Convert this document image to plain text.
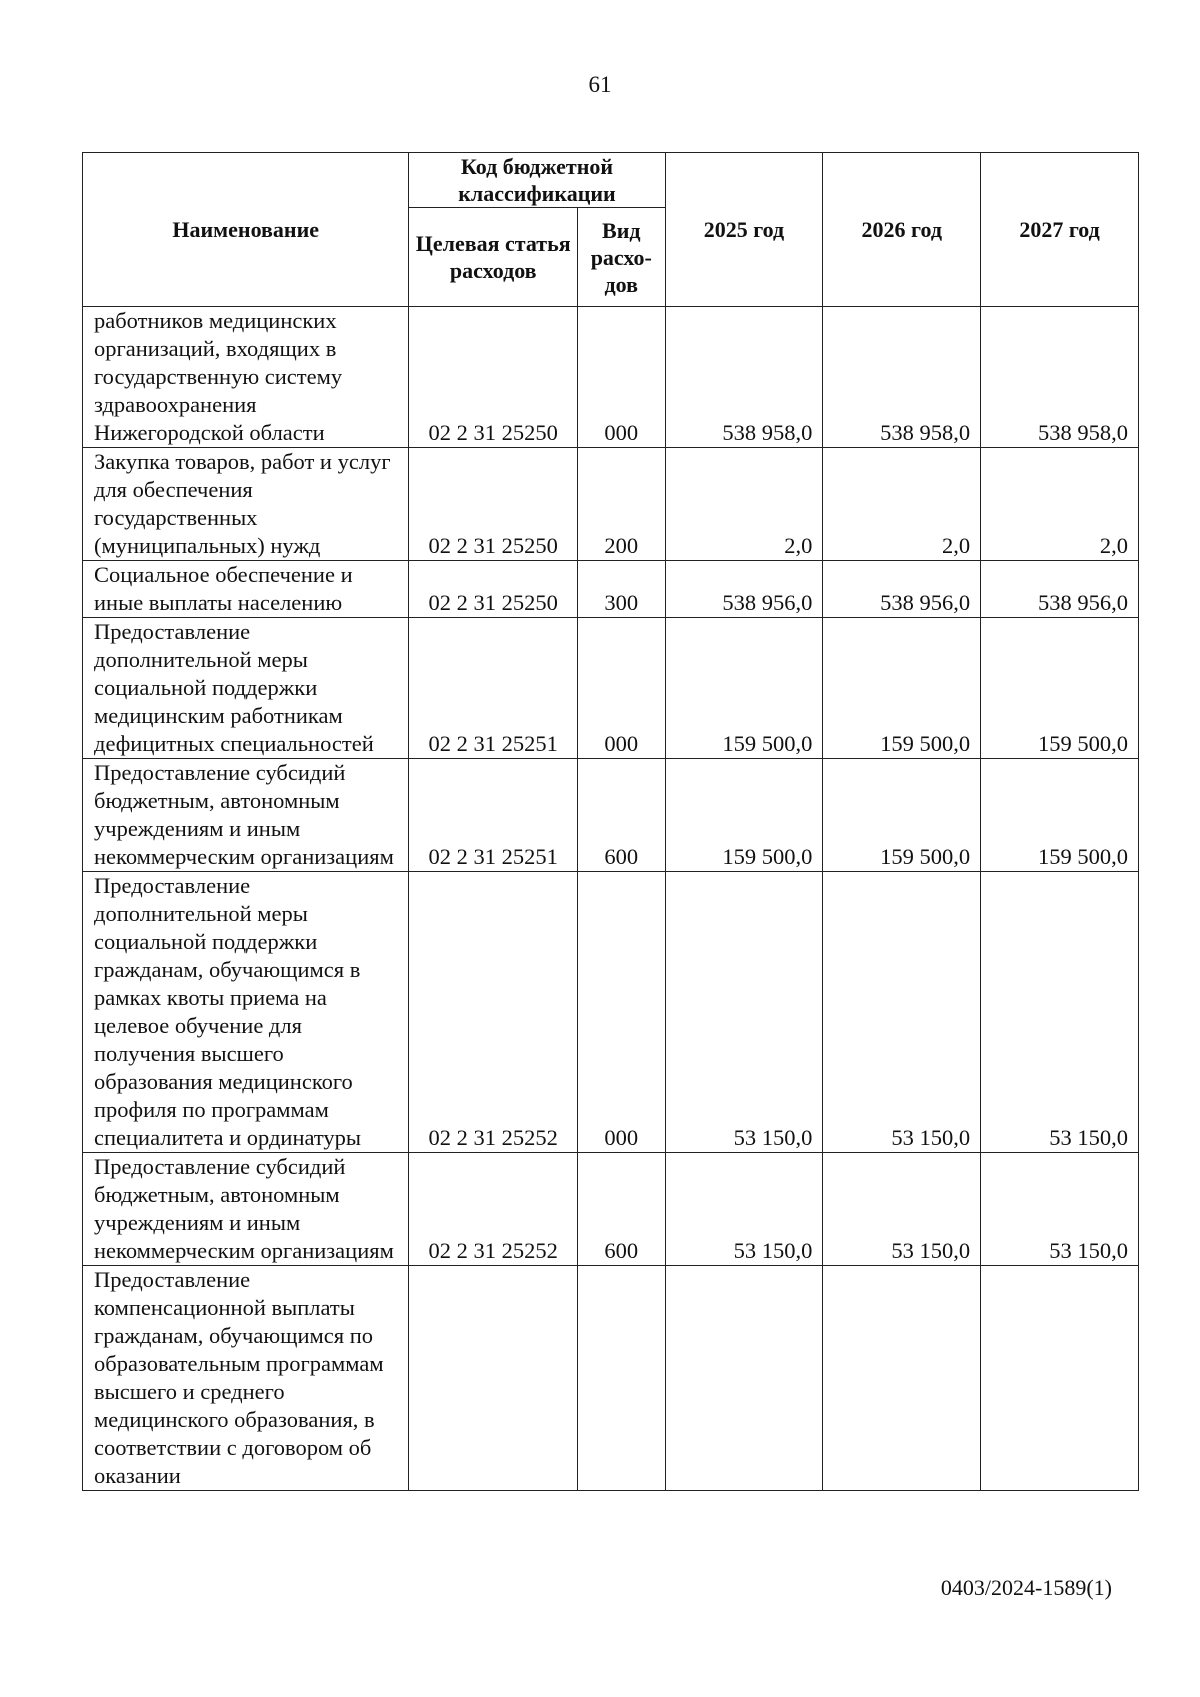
61
Наименование	Код бюджетной классификации		2025 год	2026 год	2027 год
	Целевая статья расходов	Вид расхо-дов			
работников медицинских организаций, входящих в государственную систему здравоохранения Нижегородской области	02 2 31 25250	000	538 958,0	538 958,0	538 958,0
Закупка товаров, работ и услуг для обеспечения государственных (муниципальных) нужд	02 2 31 25250	200	2,0	2,0	2,0
Социальное обеспечение и иные выплаты населению	02 2 31 25250	300	538 956,0	538 956,0	538 956,0
Предоставление дополнительной меры социальной поддержки медицинским работникам дефицитных специальностей	02 2 31 25251	000	159 500,0	159 500,0	159 500,0
Предоставление субсидий бюджетным, автономным учреждениям и иным некоммерческим организациям	02 2 31 25251	600	159 500,0	159 500,0	159 500,0
Предоставление дополнительной меры социальной поддержки гражданам, обучающимся в рамках квоты приема на целевое обучение для получения высшего образования медицинского профиля по программам специалитета и ординатуры	02 2 31 25252	000	53 150,0	53 150,0	53 150,0
Предоставление субсидий бюджетным, автономным учреждениям и иным некоммерческим организациям	02 2 31 25252	600	53 150,0	53 150,0	53 150,0
Предоставление компенсационной выплаты гражданам, обучающимся по образовательным программам высшего и среднего медицинского образования, в соответствии с договором об оказании					
0403/2024-1589(1)
